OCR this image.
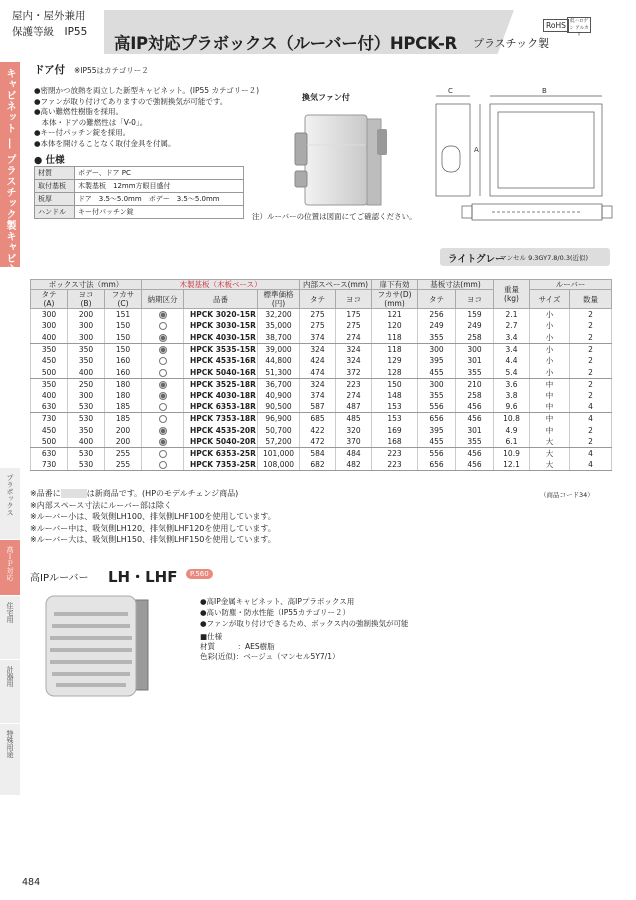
屋内・屋外兼用
保護等級　IP55
高IP対応プラボックス（ルーバー付）HPCK-R プラスチック製
RoHS 低ハロゲン アルカリ
キャビネット ― プラスチック製キャビネット
プラボックス
高ＩＰ対応
住宅用
計器用
特殊用途
ドア付 ※IP55はカテゴリー２
●密閉かつ放熱を両立した新型キャビネット。(IP55 カテゴリー２)
●ファンが取り付けてありますので強制換気が可能です。
●高い難燃性樹脂を採用。
　本体・ドアの難燃性は「V-0」。
●キー付パッチン錠を採用。
●本体を開けることなく取付金具を付属。
● 仕様
材質	ボデー、ドア PC
取付基板	木製基板　12mm方眼目盛付
板厚	ドア　3.5～5.0mm　ボデー　3.5～5.0mm
ハンドル	キー付パッチン錠
換気ファン付
C	B
A
注）ルーバーの位置は図面にてご確認ください。
ライトグレー
マンセル 9.3GY7.8/0.3(近似)
ボックス寸法（mm）			木製基板（木板ベース）			内部スペース(mm)		扉下有効	基板寸法(mm)		重量
(kg)	ルーバー	
タテ
(A)	ヨコ
(B)	フカサ
(C)	納期区分	品番	標準価格
(円)	タテ	ヨコ	フカサ(D)
(mm)	タテ	ヨコ		サイズ	数量
300	200	151		HPCK 3020-15R	32,200	275	175	121	256	159	2.1	小	2
300	300	150		HPCK 3030-15R	35,000	275	275	120	249	249	2.7	小	2
400	300	150		HPCK 4030-15R	38,700	374	274	118	355	258	3.4	小	2
350	350	150		HPCK 3535-15R	39,000	324	324	118	300	300	3.4	小	2
450	350	160		HPCK 4535-16R	44,800	424	324	129	395	301	4.4	小	2
500	400	160		HPCK 5040-16R	51,300	474	372	128	455	355	5.4	小	2
350	250	180		HPCK 3525-18R	36,700	324	223	150	300	210	3.6	中	2
400	300	180		HPCK 4030-18R	40,900	374	274	148	355	258	3.8	中	2
630	530	185		HPCK 6353-18R	90,500	587	487	153	556	456	9.6	中	4
730	530	185		HPCK 7353-18R	96,900	685	485	153	656	456	10.8	中	4
450	350	200		HPCK 4535-20R	50,700	422	320	169	395	301	4.9	中	2
500	400	200		HPCK 5040-20R	57,200	472	370	168	455	355	6.1	大	2
630	530	255		HPCK 6353-25R	101,000	584	484	223	556	456	10.9	大	4
730	530	255		HPCK 7353-25R	108,000	682	482	223	656	456	12.1	大	4
※品番に	は新商品です。(HPのモデルチェンジ商品)
※内部スペース寸法にルーバー部は除く
※ルーバー小は、吸気側LH100、排気側LHF100を使用しています。
※ルーバー中は、吸気側LH120、排気側LHF120を使用しています。
※ルーバー大は、吸気側LH150、排気側LHF150を使用しています。
（商品コード34）
高IPルーバー LH・LHF	P.560
●高IP金属キャビネット、高IPプラボックス用
●高い防塵・防水性能（IP55カテゴリー２）
●ファンが取り付けできるため、ボックス内の強制換気が可能
■仕様
材質　　　：AES樹脂
色彩(近似)：ベージュ（マンセル5Y7/1）
484
